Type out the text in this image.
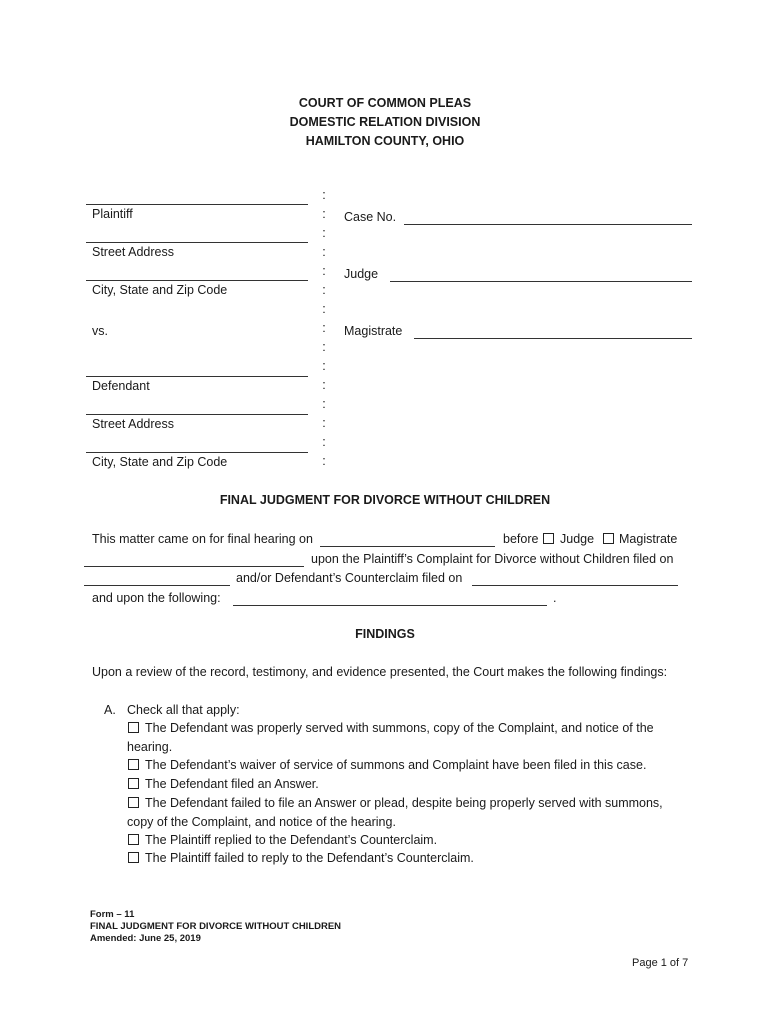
COURT OF COMMON PLEAS
DOMESTIC RELATION DIVISION
HAMILTON COUNTY, OHIO
Plaintiff
Street Address
City, State and Zip Code
vs.
Defendant
Street Address
City, State and Zip Code
:
:
:
:
:
:
:
:
:
:
:
:
:
:
:
Case No.
Judge
Magistrate
FINAL JUDGMENT FOR DIVORCE WITHOUT CHILDREN
This matter came on for final hearing on	before Judge Magistrate
upon the Plaintiff’s Complaint for Divorce without Children filed on
and/or Defendant’s Counterclaim filed on
and upon the following:	.
FINDINGS
Upon a review of the record, testimony, and evidence presented, the Court makes the following findings:
A. Check all that apply:
The Defendant was properly served with summons, copy of the Complaint, and notice of the
hearing.
The Defendant’s waiver of service of summons and Complaint have been filed in this case.
The Defendant filed an Answer.
The Defendant failed to file an Answer or plead, despite being properly served with summons,
copy of the Complaint, and notice of the hearing.
The Plaintiff replied to the Defendant’s Counterclaim.
The Plaintiff failed to reply to the Defendant’s Counterclaim.
Form – 11
FINAL JUDGMENT FOR DIVORCE WITHOUT CHILDREN
Amended: June 25, 2019
Page 1 of 7
